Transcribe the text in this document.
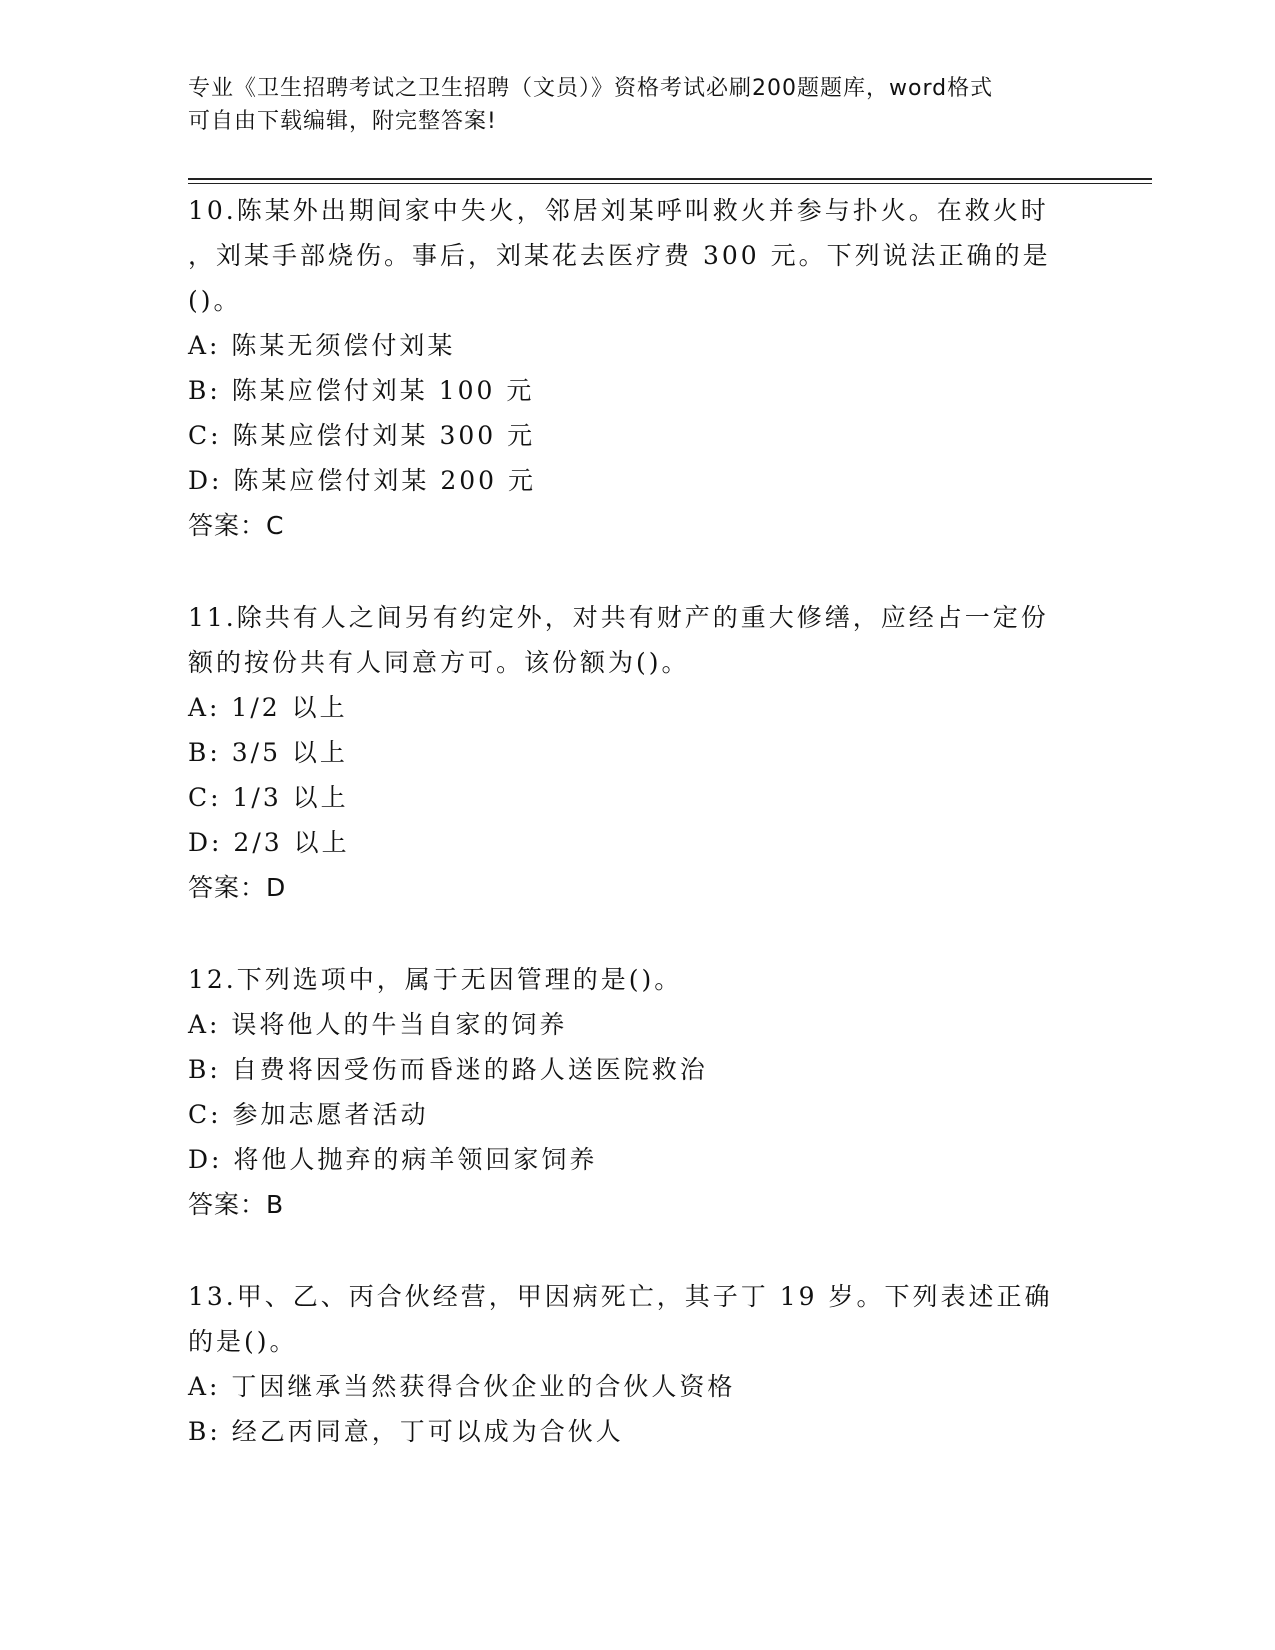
专业《卫生招聘考试之卫生招聘（文员）》资格考试必刷200题题库，word格式
可自由下载编辑，附完整答案!
10.陈某外出期间家中失火，邻居刘某呼叫救火并参与扑火。在救火时
，刘某手部烧伤。事后，刘某花去医疗费 300 元。下列说法正确的是
()。
A: 陈某无须偿付刘某
B: 陈某应偿付刘某 100 元
C: 陈某应偿付刘某 300 元
D: 陈某应偿付刘某 200 元
答案：C
11.除共有人之间另有约定外，对共有财产的重大修缮，应经占一定份
额的按份共有人同意方可。该份额为()。
A: 1/2 以上
B: 3/5 以上
C: 1/3 以上
D: 2/3 以上
答案：D
12.下列选项中，属于无因管理的是()。
A: 误将他人的牛当自家的饲养
B: 自费将因受伤而昏迷的路人送医院救治
C: 参加志愿者活动
D: 将他人抛弃的病羊领回家饲养
答案：B
13.甲、乙、丙合伙经营，甲因病死亡，其子丁 19 岁。下列表述正确
的是()。
A: 丁因继承当然获得合伙企业的合伙人资格
B: 经乙丙同意，丁可以成为合伙人
